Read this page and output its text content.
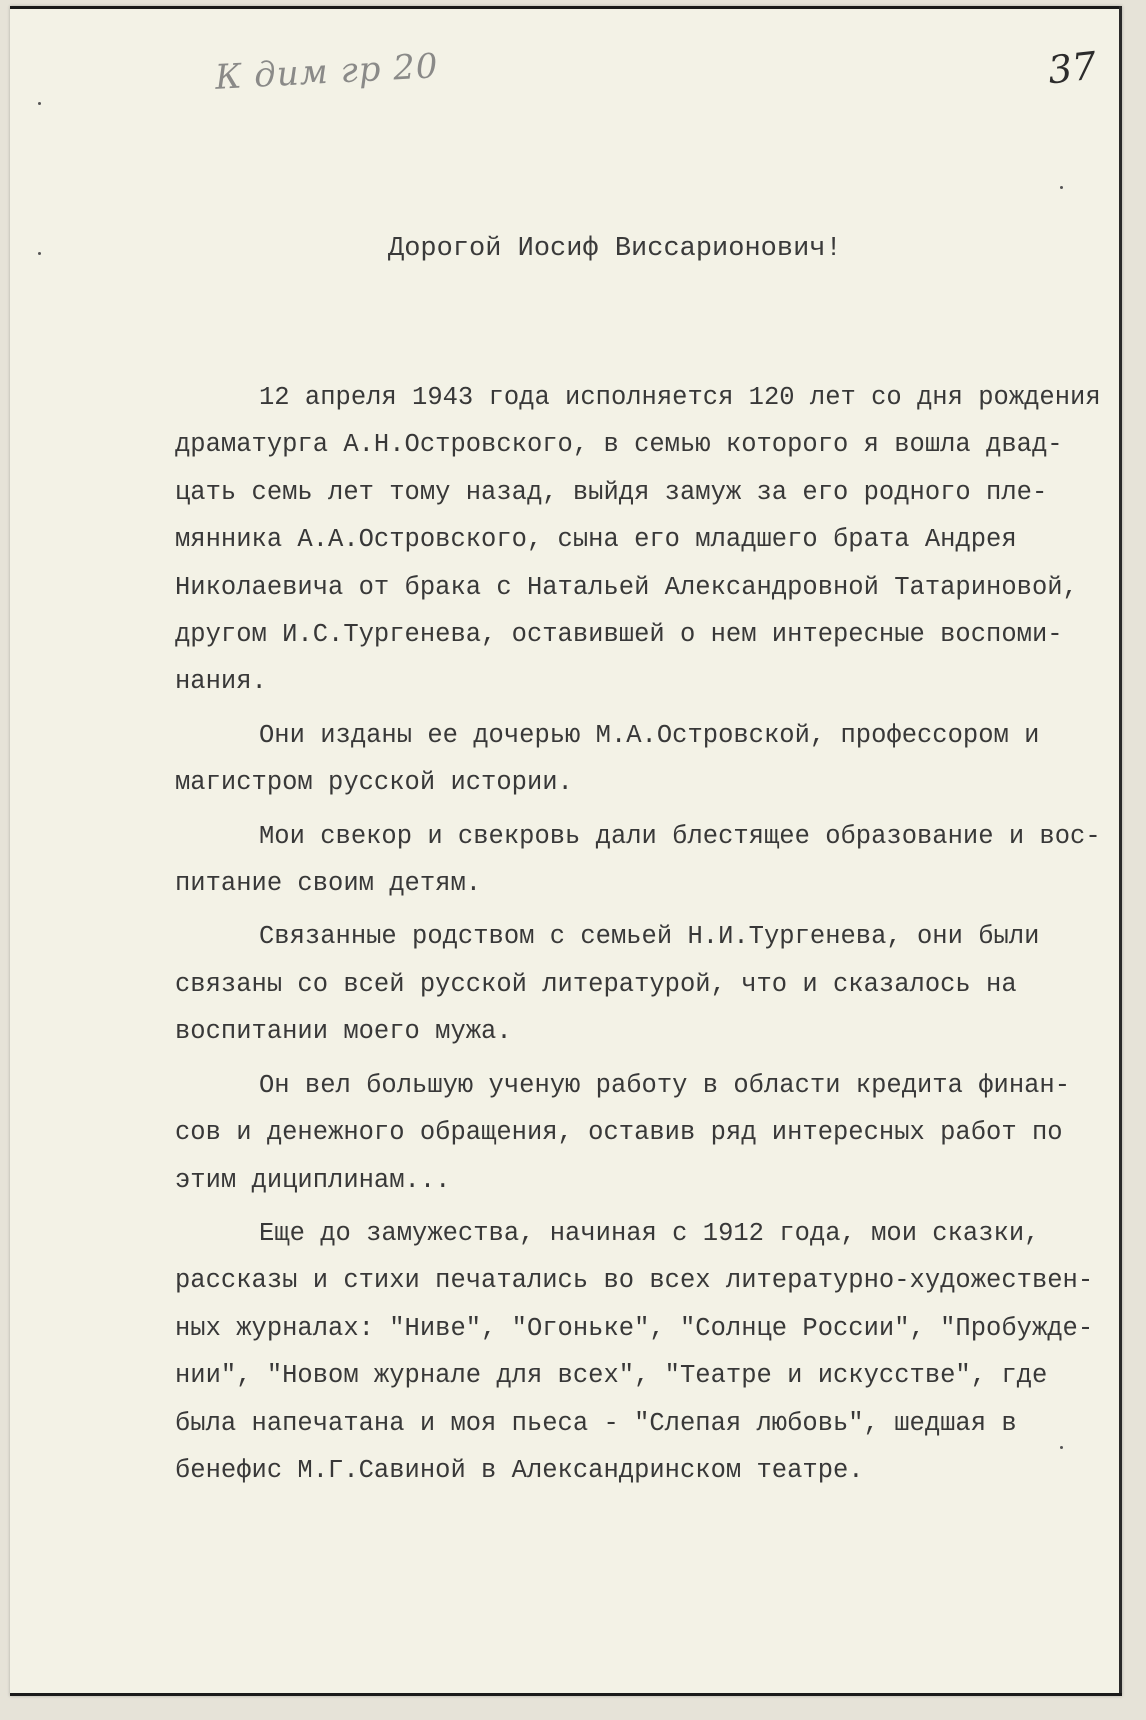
К дим гр 20	37
Дорогой Иосиф Виссарионович!
12 апреля 1943 года исполняется 120 лет со дня рождения
драматурга А.Н.Островского, в семью которого я вошла двад-
цать семь лет тому назад, выйдя замуж за его родного пле-
мянника А.А.Островского, сына его младшего брата Андрея
Николаевича от брака с Натальей Александровной Татариновой,
другом И.С.Тургенева, оставившей о нем интересные воспоми-
нания.
Они изданы ее дочерью М.А.Островской, профессором и
магистром русской истории.
Мои свекор и свекровь дали блестящее образование и вос-
питание своим детям.
Связанные родством с семьей Н.И.Тургенева, они были
связаны со всей русской литературой, что и сказалось на
воспитании моего мужа.
Он вел большую ученую работу в области кредита финан-
сов и денежного обращения, оставив ряд интересных работ по
этим дициплинам...
Еще до замужества, начиная с 1912 года, мои сказки,
рассказы и стихи печатались во всех литературно-художествен-
ных журналах: "Ниве", "Огоньке", "Солнце России", "Пробужде-
нии", "Новом журнале для всех", "Театре и искусстве", где
была напечатана и моя пьеса - "Слепая любовь", шедшая в
бенефис М.Г.Савиной в Александринском театре.
